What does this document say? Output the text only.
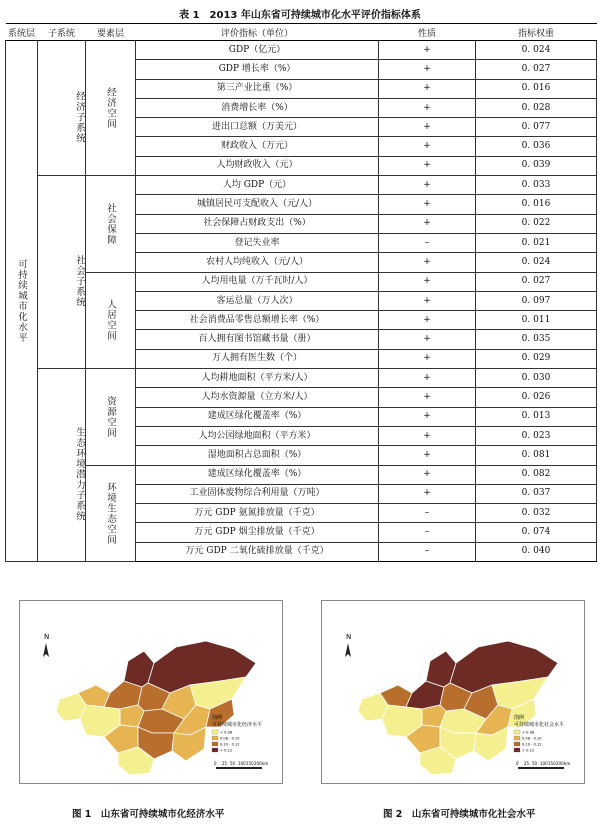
表 1　2013 年山东省可持续城市化水平评价指标体系
系统层	子系统	要素层	评价指标（单位）	性质	指标权重
可持续城市化水平	经济子系统	经济空间	GDP（亿元）	+	0. 024
			GDP 增长率（%）	+	0. 027
			第三产业比重（%）	+	0. 016
			消费增长率（%）	+	0. 028
			进出口总额（万美元）	+	0. 077
			财政收入（万元）	+	0. 036
			人均财政收入（元）	+	0. 039
	社会子系统	社会保障	人均 GDP（元）	+	0. 033
			城镇居民可支配收入（元/人）	+	0. 016
			社会保障占财政支出（%）	+	0. 022
			登记失业率	–	0. 021
			农村人均纯收入（元/人）	+	0. 024
		人居空间	人均用电量（万千瓦时/人）	+	0. 027
			客运总量（万人次）	+	0. 097
			社会消费品零售总额增长率（%）	+	0. 011
			百人拥有图书馆藏书量（册）	+	0. 035
			万人拥有医生数（个）	+	0. 029
	生态环境潜力子系统	资源空间	人均耕地面积（平方米/人）	+	0. 030
			人均水资源量（立方米/人）	+	0. 026
			建成区绿化覆盖率（%）	+	0. 013
			人均公园绿地面积（平方米）	+	0. 023
			湿地面积占总面积（%）	+	0. 081
		环境生态空间	建成区绿化覆盖率（%）	+	0. 082
			工业固体废物综合利用量（万吨）	+	0. 037
			万元 GDP 氨氮排放量（千克）	–	0. 032
			万元 GDP 烟尘排放量（千克）	–	0. 074
			万元 GDP 二氧化硫排放量（千克）	–	0. 040
N
图例
可持续城市化经济水平
< 0.08
0.08 - 0.10
0.10 - 0.12
> 0.12
0 25 50 100 150 200 km
图 1　山东省可持续城市化经济水平
N
图例
可持续城市化社会水平
< 0.08
0.08 - 0.10
0.10 - 0.12
> 0.12
0 25 50 100 150 200 km
图 2　山东省可持续城市化社会水平
